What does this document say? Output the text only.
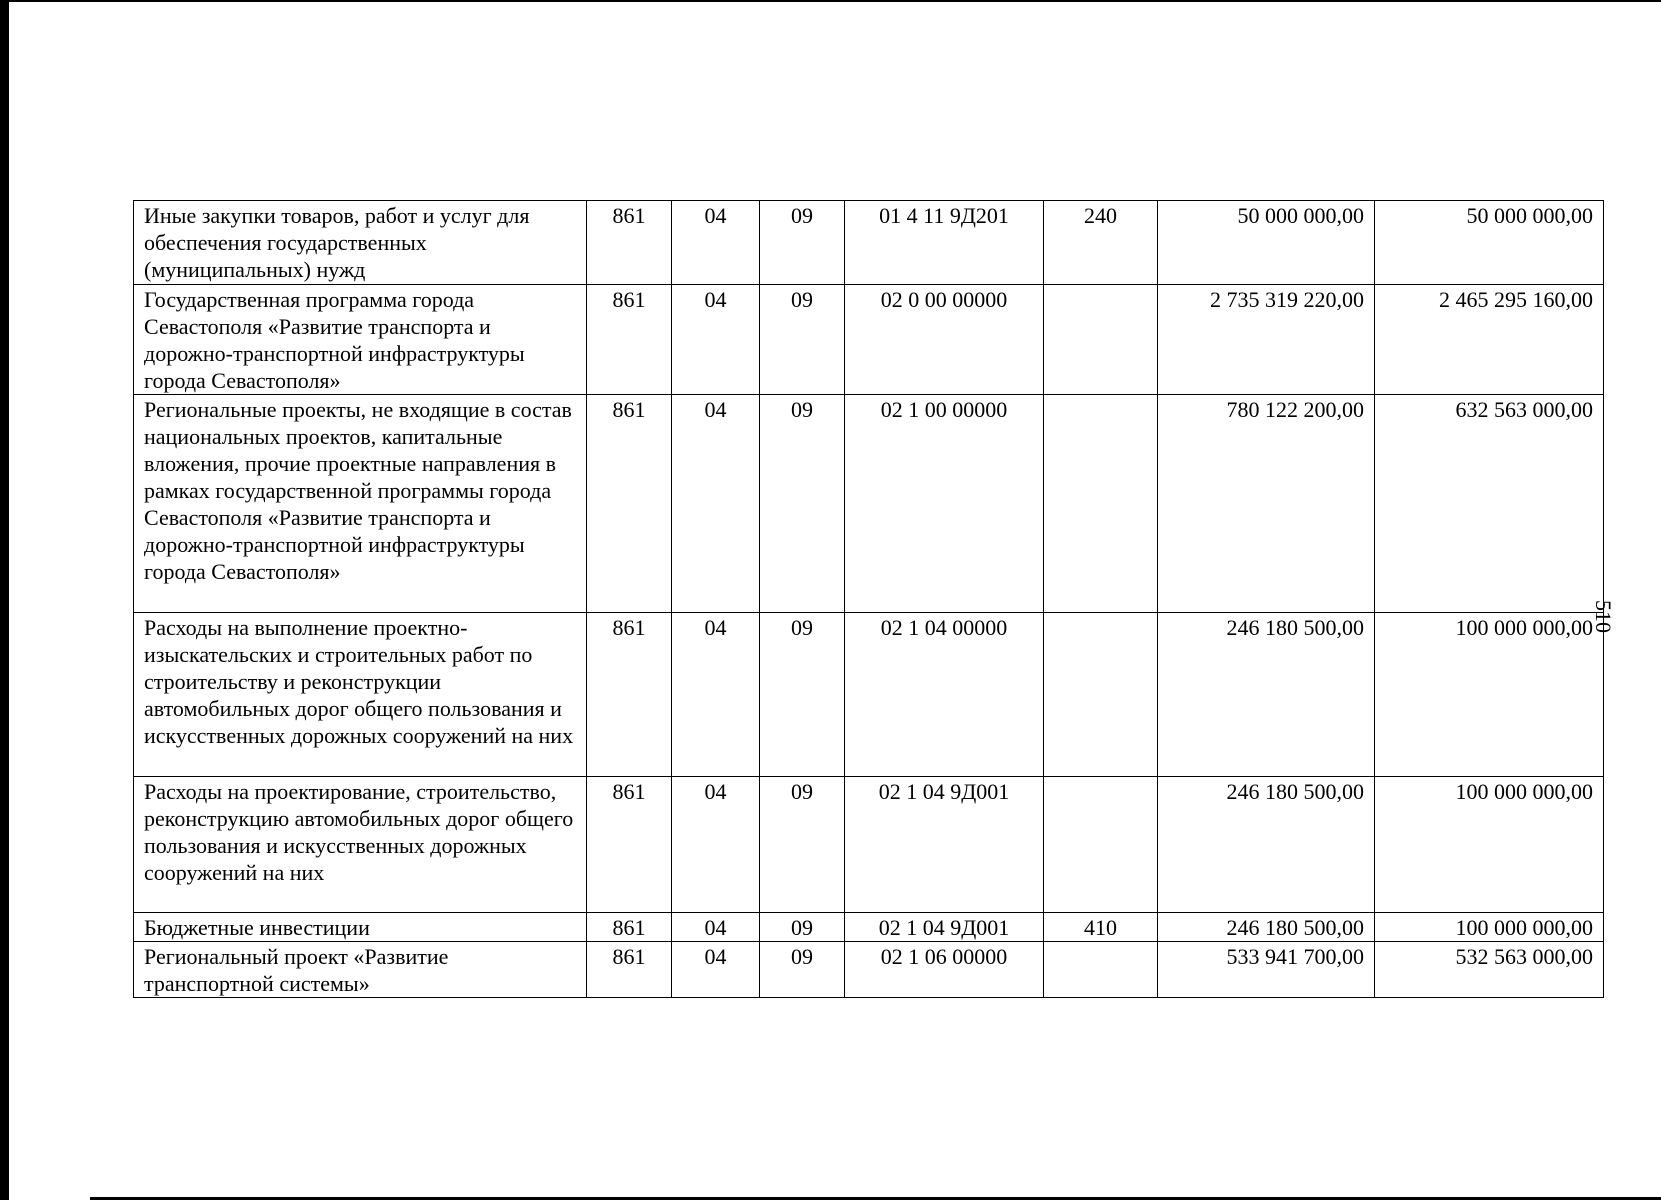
Иные закупки товаров, работ и услуг для обеспечения государственных (муниципальных) нужд	861	04	09	01 4 11 9Д201	240	50 000 000,00	50 000 000,00
Государственная программа города Севастополя «Развитие транспорта и дорожно-транспортной инфраструктуры города Севастополя»	861	04	09	02 0 00 00000		2 735 319 220,00	2 465 295 160,00
Региональные проекты, не входящие в состав национальных проектов, капитальные вложения, прочие проектные направления в рамках государственной программы города Севастополя «Развитие транспорта и дорожно-транспортной инфраструктуры города Севастополя»	861	04	09	02 1 00 00000		780 122 200,00	632 563 000,00
Расходы на выполнение проектно-изыскательских и строительных работ по строительству и реконструкции автомобильных дорог общего пользования и искусственных дорожных сооружений на них	861	04	09	02 1 04 00000		246 180 500,00	100 000 000,00
Расходы на проектирование, строительство, реконструкцию автомобильных дорог общего пользования и искусственных дорожных сооружений на них	861	04	09	02 1 04 9Д001		246 180 500,00	100 000 000,00
Бюджетные инвестиции	861	04	09	02 1 04 9Д001	410	246 180 500,00	100 000 000,00
Региональный проект «Развитие транспортной системы»	861	04	09	02 1 06 00000		533 941 700,00	532 563 000,00
510
